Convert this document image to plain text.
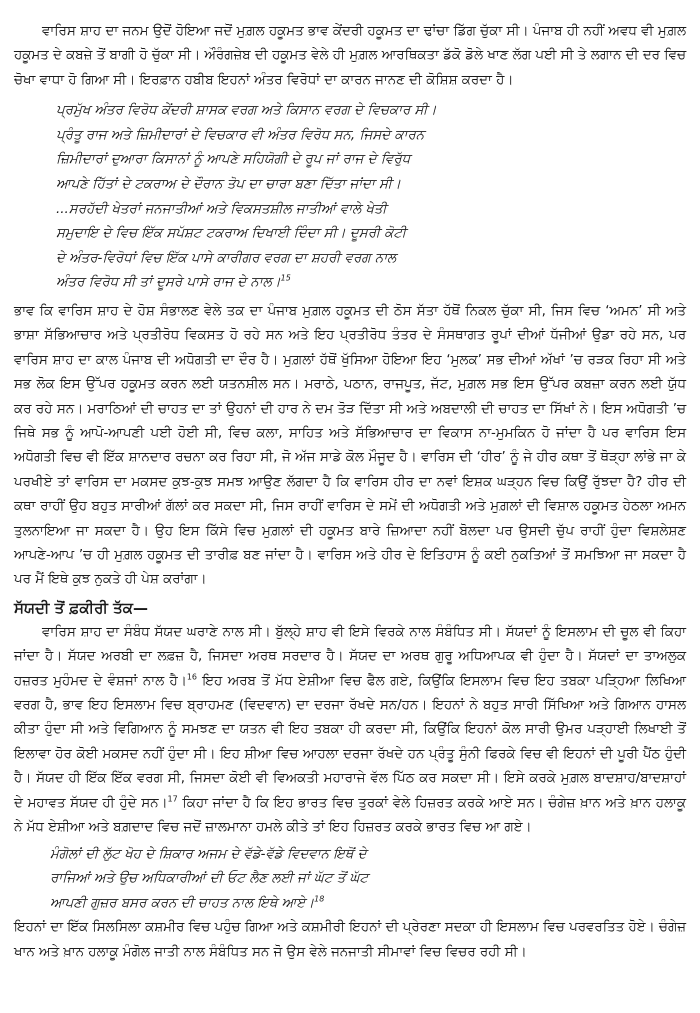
ਵਾਰਿਸ ਸ਼ਾਹ ਦਾ ਜਨਮ ਉਦੋਂ ਹੋਇਆ ਜਦੋਂ ਮੁਗ਼ਲ ਹਕੂਮਤ ਭਾਵ ਕੇਂਦਰੀ ਹਕੂਮਤ ਦਾ ਢਾਂਚਾ ਡਿੱਗ ਚੁੱਕਾ ਸੀ। ਪੰਜਾਬ ਹੀ ਨਹੀਂ ਅਵਧ ਵੀ ਮੁਗ਼ਲ ਹਕੂਮਤ ਦੇ ਕਬਜ਼ੇ ਤੋਂ ਬਾਗੀ ਹੋ ਚੁੱਕਾ ਸੀ। ਔਰੰਗਜ਼ੇਬ ਦੀ ਹਕੂਮਤ ਵੇਲੇ ਹੀ ਮੁਗ਼ਲ ਆਰਥਿਕਤਾ ਡੱਕੋ ਡੋਲੇ ਖਾਣ ਲੱਗ ਪਈ ਸੀ ਤੇ ਲਗਾਨ ਦੀ ਦਰ ਵਿਚ ਚੋਖਾ ਵਾਧਾ ਹੋ ਗਿਆ ਸੀ। ਇਰਫ਼ਾਨ ਹਬੀਬ ਇਹਨਾਂ ਅੰਤਰ ਵਿਰੋਧਾਂ ਦਾ ਕਾਰਨ ਜਾਨਣ ਦੀ ਕੋਸ਼ਿਸ਼ ਕਰਦਾ ਹੈ।

ਪ੍ਰਮੁੱਖ ਅੰਤਰ ਵਿਰੋਧ ਕੇਂਦਰੀ ਸ਼ਾਸਕ ਵਰਗ ਅਤੇ ਕਿਸਾਨ ਵਰਗ ਦੇ ਵਿਚਕਾਰ ਸੀ।
ਪ੍ਰੰਤੂ ਰਾਜ ਅਤੇ ਜ਼ਿਮੀਦਾਰਾਂ ਦੇ ਵਿਚਕਾਰ ਵੀ ਅੰਤਰ ਵਿਰੋਧ ਸਨ, ਜਿਸਦੇ ਕਾਰਨ
ਜ਼ਿਮੀਦਾਰਾਂ ਦੁਆਰਾ ਕਿਸਾਨਾਂ ਨੂੰ ਆਪਣੇ ਸਹਿਯੋਗੀ ਦੇ ਰੂਪ ਜਾਂ ਰਾਜ ਦੇ ਵਿਰੁੱਧ
ਆਪਣੇ ਹਿੱਤਾਂ ਦੇ ਟਕਰਾਅ ਦੇ ਦੌਰਾਨ ਤੋਪ ਦਾ ਚਾਰਾ ਬਣਾ ਦਿੱਤਾ ਜਾਂਦਾ ਸੀ।
...ਸਰਹੱਦੀ ਖੇਤਰਾਂ ਜਨਜਾਤੀਆਂ ਅਤੇ ਵਿਕਸਤਸ਼ੀਲ ਜਾਤੀਆਂ ਵਾਲੇ ਖੇਤੀ
ਸਮੁਦਾਇ ਦੇ ਵਿਚ ਇੱਕ ਸਪੱਸ਼ਟ ਟਕਰਾਅ ਦਿਖਾਈ ਦਿੰਦਾ ਸੀ। ਦੂਸਰੀ ਕੋਟੀ
ਦੇ ਅੰਤਰ-ਵਿਰੋਧਾਂ ਵਿਚ ਇੱਕ ਪਾਸੇ ਕਾਰੀਗਰ ਵਰਗ ਦਾ ਸ਼ਹਰੀ ਵਰਗ ਨਾਲ
ਅੰਤਰ ਵਿਰੋਧ ਸੀ ਤਾਂ ਦੂਸਰੇ ਪਾਸੇ ਰਾਜ ਦੇ ਨਾਲ।$^{15}$

ਭਾਵ ਕਿ ਵਾਰਿਸ ਸ਼ਾਹ ਦੇ ਹੋਸ਼ ਸੰਭਾਲਣ ਵੇਲੇ ਤਕ ਦਾ ਪੰਜਾਬ ਮੁਗ਼ਲ ਹਕੂਮਤ ਦੀ ਠੋਸ ਸੱਤਾ ਹੱਥੋਂ ਨਿਕਲ ਚੁੱਕਾ ਸੀ, ਜਿਸ ਵਿਚ ‘ਅਮਨ’ ਸੀ ਅਤੇ ਭਾਸ਼ਾ ਸੱਭਿਆਚਾਰ ਅਤੇ ਪ੍ਰਤੀਰੋਧ ਵਿਕਸਤ ਹੋ ਰਹੇ ਸਨ ਅਤੇ ਇਹ ਪ੍ਰਤੀਰੋਧ ਤੰਤਰ ਦੇ ਸੰਸਥਾਗਤ ਰੂਪਾਂ ਦੀਆਂ ਧੱਜੀਆਂ ਉਡਾ ਰਹੇ ਸਨ, ਪਰ ਵਾਰਿਸ ਸ਼ਾਹ ਦਾ ਕਾਲ ਪੰਜਾਬ ਦੀ ਅਧੋਗਤੀ ਦਾ ਦੌਰ ਹੈ। ਮੁਗ਼ਲਾਂ ਹੱਥੋਂ ਖੁੱਸਿਆ ਹੋਇਆ ਇਹ ‘ਮੁਲਕ’ ਸਭ ਦੀਆਂ ਅੱਖਾਂ ’ਚ ਰੜਕ ਰਿਹਾ ਸੀ ਅਤੇ ਸਭ ਲੋਕ ਇਸ ਉੱਪਰ ਹਕੂਮਤ ਕਰਨ ਲਈ ਯਤਨਸ਼ੀਲ ਸਨ। ਮਰਾਠੇ, ਪਠਾਨ, ਰਾਜਪੂਤ, ਜੱਟ, ਮੁਗ਼ਲ ਸਭ ਇਸ ਉੱਪਰ ਕਬਜ਼ਾ ਕਰਨ ਲਈ ਯੁੱਧ ਕਰ ਰਹੇ ਸਨ। ਮਰਾਠਿਆਂ ਦੀ ਚਾਹਤ ਦਾ ਤਾਂ ਉਹਨਾਂ ਦੀ ਹਾਰ ਨੇ ਦਮ ਤੋੜ ਦਿੱਤਾ ਸੀ ਅਤੇ ਅਬਦਾਲੀ ਦੀ ਚਾਹਤ ਦਾ ਸਿੱਖਾਂ ਨੇ। ਇਸ ਅਧੋਗਤੀ ’ਚ ਜਿਥੇ ਸਭ ਨੂੰ ਆਪੋ-ਆਪਣੀ ਪਈ ਹੋਈ ਸੀ, ਵਿਚ ਕਲਾ, ਸਾਹਿਤ ਅਤੇ ਸੱਭਿਆਚਾਰ ਦਾ ਵਿਕਾਸ ਨਾ-ਮੁਮਕਿਨ ਹੋ ਜਾਂਦਾ ਹੈ ਪਰ ਵਾਰਿਸ ਇਸ ਅਧੋਗਤੀ ਵਿਚ ਵੀ ਇੱਕ ਸ਼ਾਨਦਾਰ ਰਚਨਾ ਕਰ ਰਿਹਾ ਸੀ, ਜੋ ਅੱਜ ਸਾਡੇ ਕੋਲ ਮੌਜੂਦ ਹੈ। ਵਾਰਿਸ ਦੀ ‘ਹੀਰ’ ਨੂੰ ਜੇ ਹੀਰ ਕਥਾ ਤੋਂ ਥੋੜ੍ਹਾ ਲਾਂਭੇ ਜਾ ਕੇ ਪਰਖੀਏ ਤਾਂ ਵਾਰਿਸ ਦਾ ਮਕਸਦ ਕੁਝ-ਕੁਝ ਸਮਝ ਆਉਣ ਲੱਗਦਾ ਹੈ ਕਿ ਵਾਰਿਸ ਹੀਰ ਦਾ ਨਵਾਂ ਇਸ਼ਕ ਘੜ੍ਹਨ ਵਿਚ ਕਿਉਂ ਰੁੱਝਦਾ ਹੈ? ਹੀਰ ਦੀ ਕਥਾ ਰਾਹੀਂ ਉਹ ਬਹੁਤ ਸਾਰੀਆਂ ਗੱਲਾਂ ਕਰ ਸਕਦਾ ਸੀ, ਜਿਸ ਰਾਹੀਂ ਵਾਰਿਸ ਦੇ ਸਮੇਂ ਦੀ ਅਧੋਗਤੀ ਅਤੇ ਮੁਗ਼ਲਾਂ ਦੀ ਵਿਸ਼ਾਲ ਹਕੂਮਤ ਹੇਠਲਾ ਅਮਨ ਤੁਲਨਾਇਆ ਜਾ ਸਕਦਾ ਹੈ। ਉਹ ਇਸ ਕਿੱਸੇ ਵਿਚ ਮੁਗ਼ਲਾਂ ਦੀ ਹਕੂਮਤ ਬਾਰੇ ਜ਼ਿਆਦਾ ਨਹੀਂ ਬੋਲਦਾ ਪਰ ਉਸਦੀ ਚੁੱਪ ਰਾਹੀਂ ਹੁੰਦਾ ਵਿਸ਼ਲੇਸ਼ਣ ਆਪਣੇ-ਆਪ ’ਚ ਹੀ ਮੁਗ਼ਲ ਹਕੂਮਤ ਦੀ ਤਾਰੀਫ਼ ਬਣ ਜਾਂਦਾ ਹੈ। ਵਾਰਿਸ ਅਤੇ ਹੀਰ ਦੇ ਇਤਿਹਾਸ ਨੂੰ ਕਈ ਨੁਕਤਿਆਂ ਤੋਂ ਸਮਝਿਆ ਜਾ ਸਕਦਾ ਹੈ ਪਰ ਮੈਂ ਇਥੇ ਕੁਝ ਨੁਕਤੇ ਹੀ ਪੇਸ਼ ਕਰਾਂਗਾ।

ਸੱਯਦੀ ਤੋਂ ਫ਼ਕੀਰੀ ਤੱਕ—

ਵਾਰਿਸ ਸ਼ਾਹ ਦਾ ਸੰਬੰਧ ਸੱਯਦ ਘਰਾਣੇ ਨਾਲ ਸੀ। ਬੁੱਲ੍ਹੇ ਸ਼ਾਹ ਵੀ ਇਸੇ ਵਿਰਕੇ ਨਾਲ ਸੰਬੰਧਿਤ ਸੀ। ਸੱਯਦਾਂ ਨੂੰ ਇਸਲਾਮ ਦੀ ਚੂਲ ਵੀ ਕਿਹਾ ਜਾਂਦਾ ਹੈ। ਸੱਯਦ ਅਰਬੀ ਦਾ ਲਫ਼ਜ਼ ਹੈ, ਜਿਸਦਾ ਅਰਥ ਸਰਦਾਰ ਹੈ। ਸੱਯਦ ਦਾ ਅਰਥ ਗੁਰੂ ਅਧਿਆਪਕ ਵੀ ਹੁੰਦਾ ਹੈ। ਸੱਯਦਾਂ ਦਾ ਤਾਅਲੁਕ ਹਜ਼ਰਤ ਮੁਹੰਮਦ ਦੇ ਵੰਸ਼ਜਾਂ ਨਾਲ ਹੈ।$^{16}$ ਇਹ ਅਰਬ ਤੋਂ ਮੱਧ ਏਸ਼ੀਆ ਵਿਚ ਫੈਲ ਗਏ, ਕਿਉਂਕਿ ਇਸਲਾਮ ਵਿਚ ਇਹ ਤਬਕਾ ਪੜ੍ਹਿਆ ਲਿਖਿਆ ਵਰਗ ਹੈ, ਭਾਵ ਇਹ ਇਸਲਾਮ ਵਿਚ ਬ੍ਰਾਹਮਣ (ਵਿਦਵਾਨ) ਦਾ ਦਰਜਾ ਰੱਖਦੇ ਸਨ/ਹਨ। ਇਹਨਾਂ ਨੇ ਬਹੁਤ ਸਾਰੀ ਸਿੱਖਿਆ ਅਤੇ ਗਿਆਨ ਹਾਸਲ ਕੀਤਾ ਹੁੰਦਾ ਸੀ ਅਤੇ ਵਿਗਿਆਨ ਨੂੰ ਸਮਝਣ ਦਾ ਯਤਨ ਵੀ ਇਹ ਤਬਕਾ ਹੀ ਕਰਦਾ ਸੀ, ਕਿਉਂਕਿ ਇਹਨਾਂ ਕੋਲ ਸਾਰੀ ਉਮਰ ਪੜ੍ਹਾਈ ਲਿਖਾਈ ਤੋਂ ਇਲਾਵਾ ਹੋਰ ਕੋਈ ਮਕਸਦ ਨਹੀਂ ਹੁੰਦਾ ਸੀ। ਇਹ ਸ਼ੀਆ ਵਿਚ ਆਹਲਾ ਦਰਜਾ ਰੱਖਦੇ ਹਨ ਪ੍ਰੰਤੂ ਸੁੰਨੀ ਫਿਰਕੇ ਵਿਚ ਵੀ ਇਹਨਾਂ ਦੀ ਪੂਰੀ ਪੈਂਠ ਹੁੰਦੀ ਹੈ। ਸੱਯਦ ਹੀ ਇੱਕ ਇੱਕ ਵਰਗ ਸੀ, ਜਿਸਦਾ ਕੋਈ ਵੀ ਵਿਅਕਤੀ ਮਹਾਰਾਜੇ ਵੱਲ ਪਿੱਠ ਕਰ ਸਕਦਾ ਸੀ। ਇਸੇ ਕਰਕੇ ਮੁਗ਼ਲ ਬਾਦਸ਼ਾਹ/ਬਾਦਸ਼ਾਹਾਂ ਦੇ ਮਹਾਵਤ ਸੱਯਦ ਹੀ ਹੁੰਦੇ ਸਨ।$^{17}$ ਕਿਹਾ ਜਾਂਦਾ ਹੈ ਕਿ ਇਹ ਭਾਰਤ ਵਿਚ ਤੁਰਕਾਂ ਵੇਲੇ ਹਿਜ਼ਰਤ ਕਰਕੇ ਆਏ ਸਨ। ਚੰਗੇਜ਼ ਖ਼ਾਨ ਅਤੇ ਖ਼ਾਨ ਹਲਾਕੂ ਨੇ ਮੱਧ ਏਸ਼ੀਆ ਅਤੇ ਬਗ਼ਦਾਦ ਵਿਚ ਜਦੋਂ ਜ਼ਾਲਮਾਨਾ ਹਮਲੇ ਕੀਤੇ ਤਾਂ ਇਹ ਹਿਜ਼ਰਤ ਕਰਕੇ ਭਾਰਤ ਵਿਚ ਆ ਗਏ।

ਮੰਗੋਲਾਂ ਦੀ ਲੁੱਟ ਖੋਹ ਦੇ ਸ਼ਿਕਾਰ ਅਜਮ ਦੇ ਵੱਡੇ-ਵੱਡੇ ਵਿਦਵਾਨ ਇਥੋਂ ਦੇ
ਰਾਜਿਆਂ ਅਤੇ ਉਚ ਅਧਿਕਾਰੀਆਂ ਦੀ ਓਟ ਲੈਣ ਲਈ ਜਾਂ ਘੱਟ ਤੋਂ ਘੱਟ
ਆਪਣੀ ਗੁਜ਼ਰ ਬਸਰ ਕਰਨ ਦੀ ਚਾਹਤ ਨਾਲ ਇਥੇ ਆਏ।$^{18}$

ਇਹਨਾਂ ਦਾ ਇੱਕ ਸਿਲਸਿਲਾ ਕਸ਼ਮੀਰ ਵਿਚ ਪਹੁੰਚ ਗਿਆ ਅਤੇ ਕਸ਼ਮੀਰੀ ਇਹਨਾਂ ਦੀ ਪ੍ਰੇਰਣਾ ਸਦਕਾ ਹੀ ਇਸਲਾਮ ਵਿਚ ਪਰਵਰਤਿਤ ਹੋਏ। ਚੰਗੇਜ਼ ਖਾਨ ਅਤੇ ਖ਼ਾਨ ਹਲਾਕੂ ਮੰਗੋਲ ਜਾਤੀ ਨਾਲ ਸੰਬੰਧਿਤ ਸਨ ਜੋ ਉਸ ਵੇਲੇ ਜਨਜਾਤੀ ਸੀਮਾਵਾਂ ਵਿਚ ਵਿਚਰ ਰਹੀ ਸੀ।
